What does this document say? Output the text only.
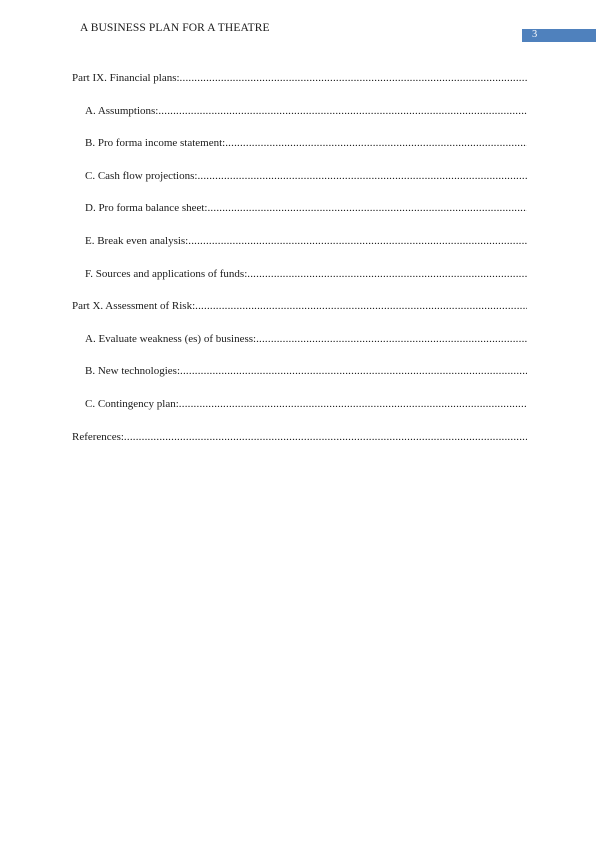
A BUSINESS PLAN FOR A THEATRE
3
Part IX. Financial plans:
.....
A. Assumptions:
.....
B. Pro forma income statement:
.....
C. Cash flow projections:
.....
D. Pro forma balance sheet:
.....
E. Break even analysis:
.....
F. Sources and applications of funds:
.....
Part X. Assessment of Risk:
.....
A. Evaluate weakness (es) of business:
.....
B. New technologies:
.....
C. Contingency plan:
.....
References:
.....
